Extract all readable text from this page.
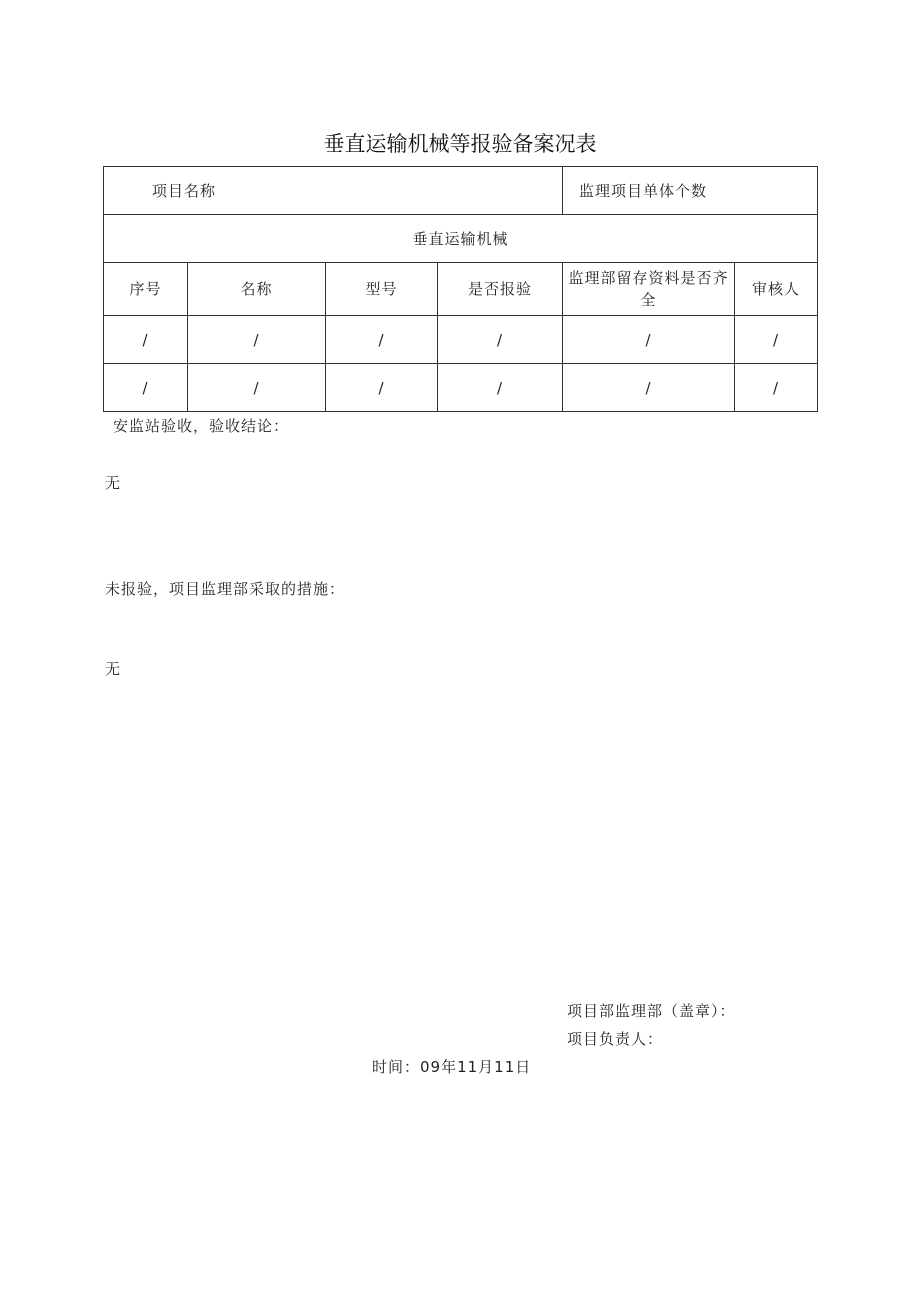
垂直运输机械等报验备案况表
项目名称				监理项目单体个数	
垂直运输机械					
序号	名称	型号	是否报验	监理部留存资料是否齐全	审核人
/	/	/	/	/	/
/	/	/	/	/	/
安监站验收，验收结论：
无
未报验，项目监理部采取的措施：
无
项目部监理部（盖章）：
项目负责人：
时间：09年11月11日
